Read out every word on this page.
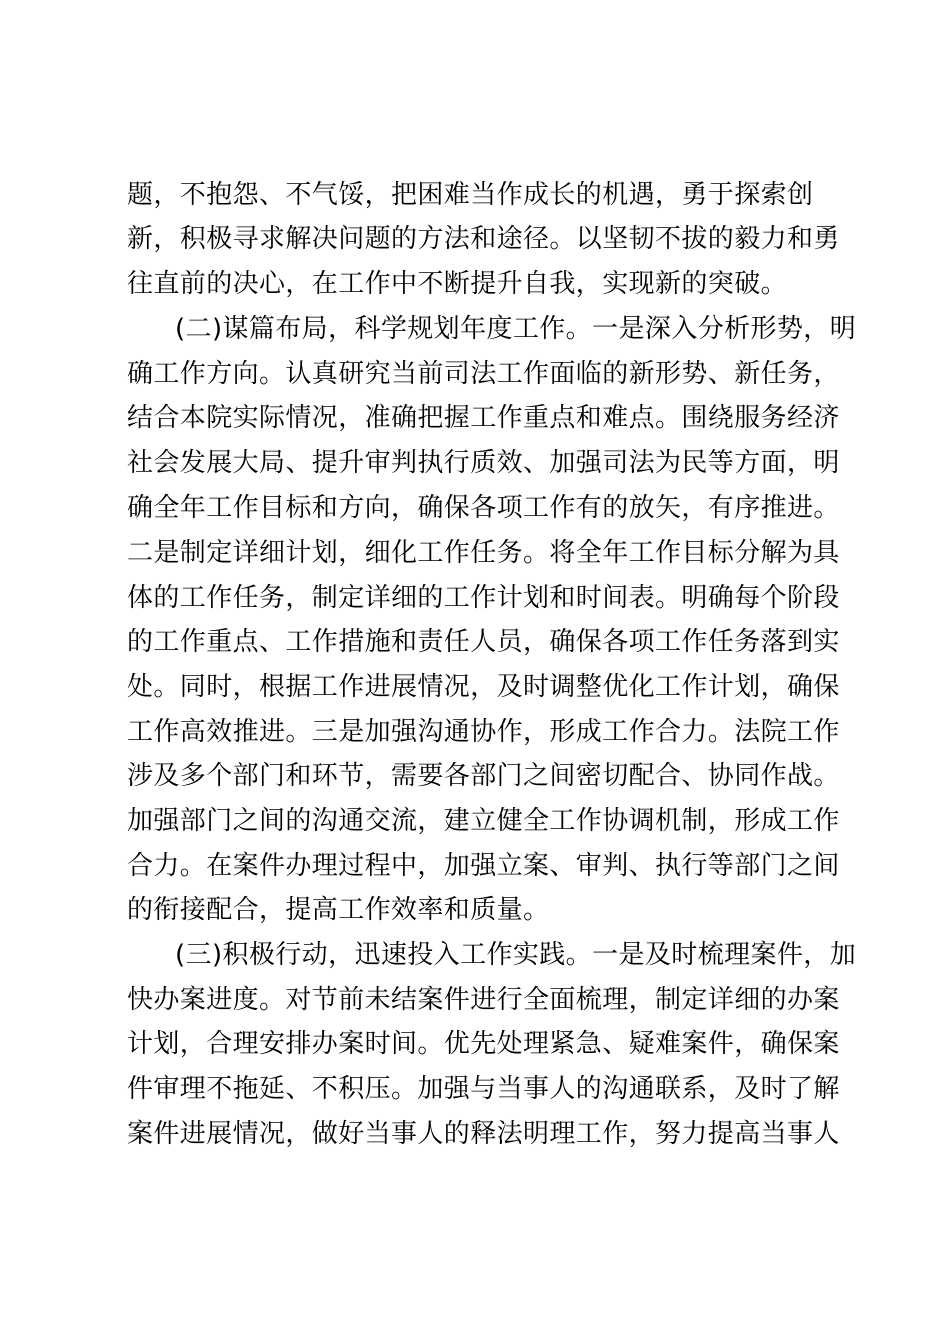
题，不抱怨、不气馁，把困难当作成长的机遇，勇于探索创
新，积极寻求解决问题的方法和途径。以坚韧不拔的毅力和勇
往直前的决心，在工作中不断提升自我，实现新的突破。
(二)谋篇布局，科学规划年度工作。一是深入分析形势，明
确工作方向。认真研究当前司法工作面临的新形势、新任务，
结合本院实际情况，准确把握工作重点和难点。围绕服务经济
社会发展大局、提升审判执行质效、加强司法为民等方面，明
确全年工作目标和方向，确保各项工作有的放矢，有序推进。
二是制定详细计划，细化工作任务。将全年工作目标分解为具
体的工作任务，制定详细的工作计划和时间表。明确每个阶段
的工作重点、工作措施和责任人员，确保各项工作任务落到实
处。同时，根据工作进展情况，及时调整优化工作计划，确保
工作高效推进。三是加强沟通协作，形成工作合力。法院工作
涉及多个部门和环节，需要各部门之间密切配合、协同作战。
加强部门之间的沟通交流，建立健全工作协调机制，形成工作
合力。在案件办理过程中，加强立案、审判、执行等部门之间
的衔接配合，提高工作效率和质量。
(三)积极行动，迅速投入工作实践。一是及时梳理案件，加
快办案进度。对节前未结案件进行全面梳理，制定详细的办案
计划，合理安排办案时间。优先处理紧急、疑难案件，确保案
件审理不拖延、不积压。加强与当事人的沟通联系，及时了解
案件进展情况，做好当事人的释法明理工作，努力提高当事人
